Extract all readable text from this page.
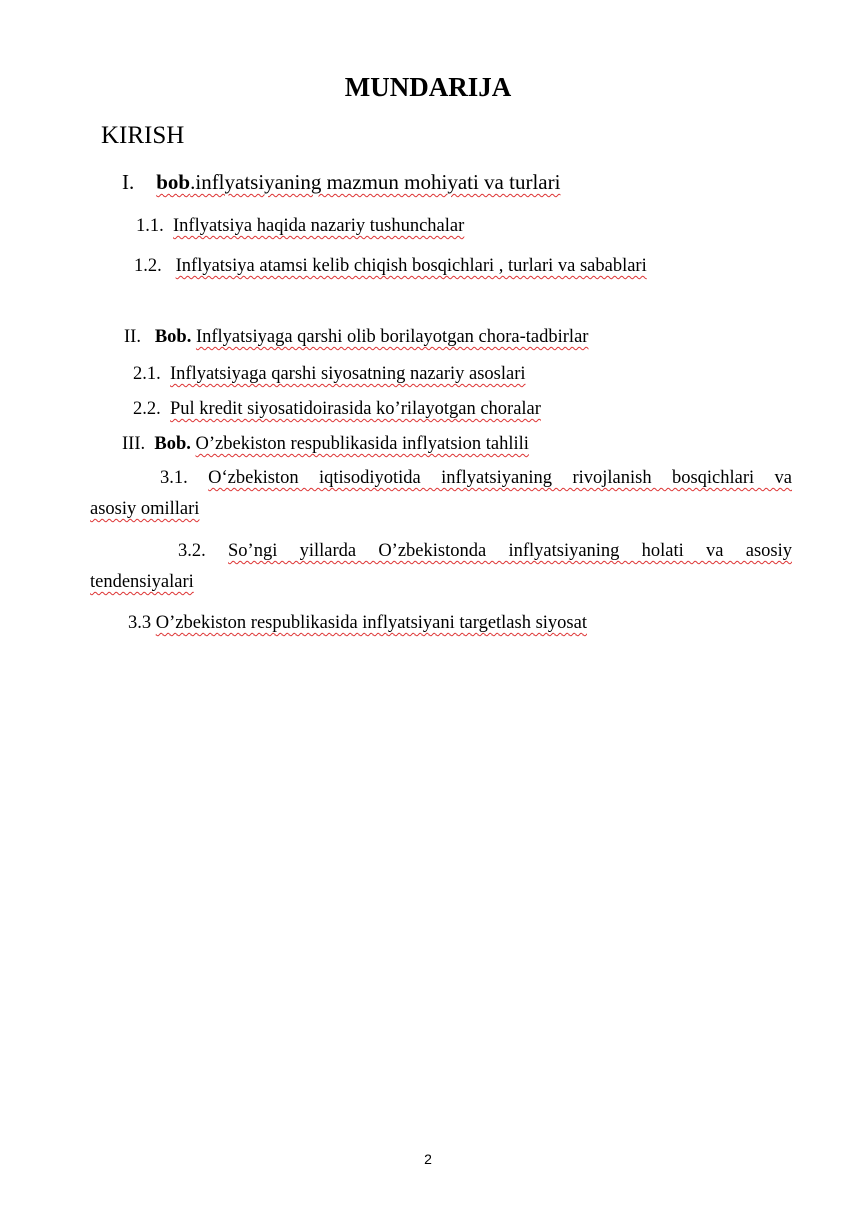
MUNDARIJA
KIRISH
I. bob.inflyatsiyaning mazmun mohiyati va turlari
1.1. Inflyatsiya haqida nazariy tushunchalar
1.2. Inflyatsiya atamsi kelib chiqish bosqichlari , turlari va sabablari
II. Bob. Inflyatsiyaga qarshi olib borilayotgan chora-tadbirlar
2.1. Inflyatsiyaga qarshi siyosatning nazariy asoslari
2.2. Pul kredit siyosatidoirasida ko’rilayotgan choralar
III. Bob. O’zbekiston respublikasida inflyatsion tahlili
3.1. O‘zbekiston iqtisodiyotida inflyatsiyaning rivojlanish bosqichlari va
asosiy omillari
3.2. So’ngi yillarda O’zbekistonda inflyatsiyaning holati va asosiy
tendensiyalari
3.3 O’zbekiston respublikasida inflyatsiyani targetlash siyosat
2
